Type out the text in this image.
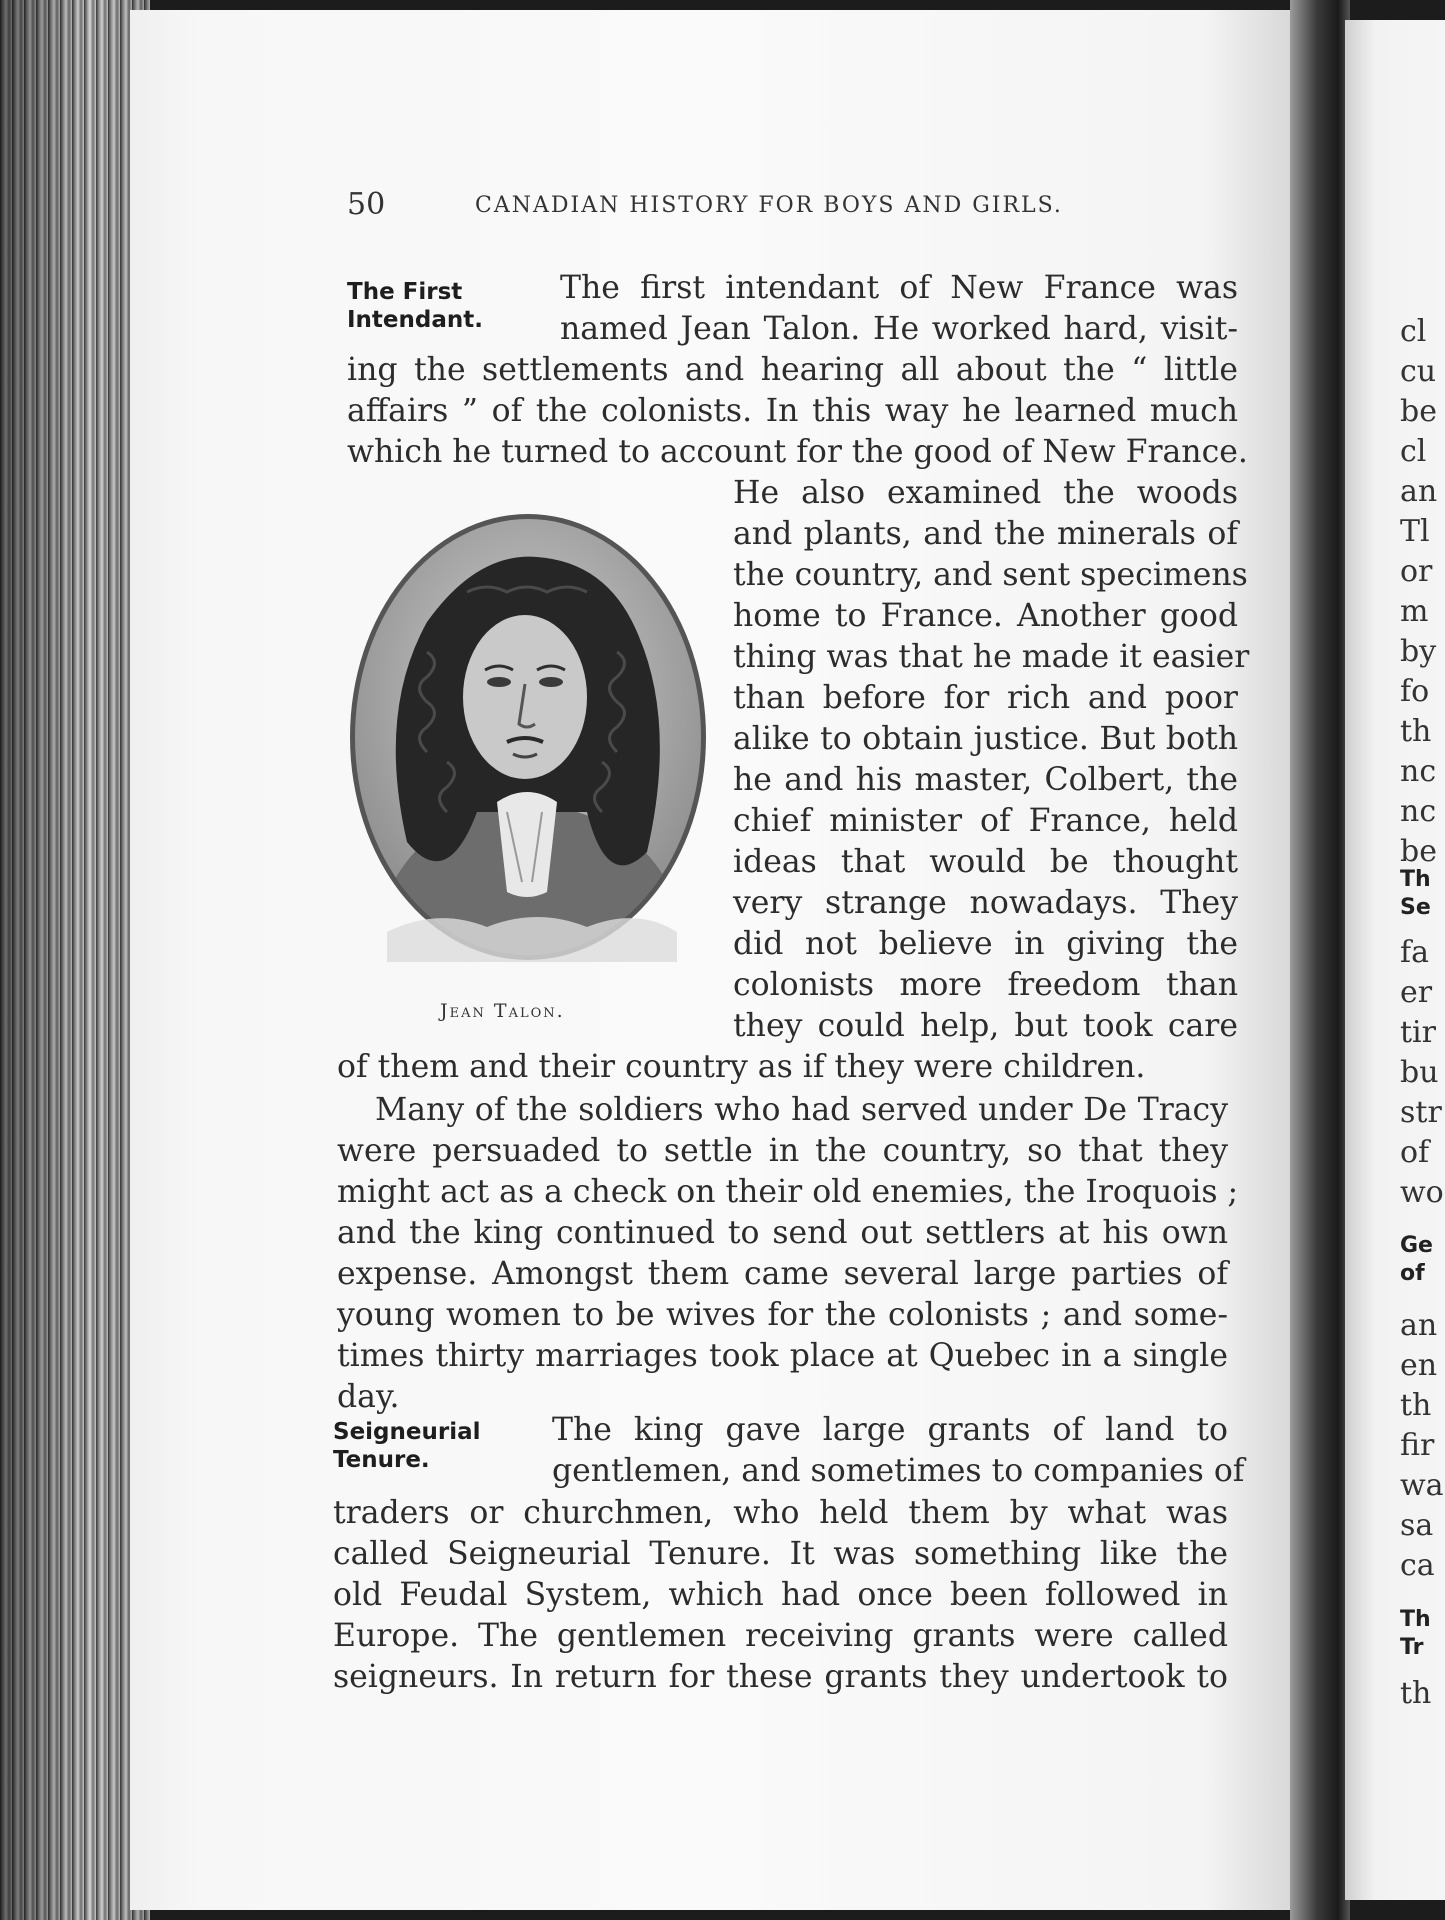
cl
cu
be
cl
an
Tl
or
m
by
fo
th
nc
nc
be
Th
Se
fa
er
tir
bu
str
of
wo
Ge
of
an
en
th
fir
wa
sa
ca
Th
Tr
th
50	CANADIAN HISTORY FOR BOYS AND GIRLS.
The First
Intendant.
The first intendant of New France was
named Jean Talon. He worked hard, visit-
ing the settlements and hearing all about the “ little
affairs ” of the colonists. In this way he learned much
which he turned to account for the good of New France.
He also examined the woods
and plants, and the minerals of
the country, and sent specimens
home to France. Another good
thing was that he made it easier
than before for rich and poor
alike to obtain justice. But both
he and his master, Colbert, the
chief minister of France, held
ideas that would be thought
very strange nowadays. They
did not believe in giving the
colonists more freedom than
they could help, but took care
of them and their country as if they were children.
Jean Talon.
Many of the soldiers who had served under De Tracy
were persuaded to settle in the country, so that they
might act as a check on their old enemies, the Iroquois ;
and the king continued to send out settlers at his own
expense. Amongst them came several large parties of
young women to be wives for the colonists ; and some-
times thirty marriages took place at Quebec in a single
day.
Seigneurial
Tenure.
The king gave large grants of land to
gentlemen, and sometimes to companies of
traders or churchmen, who held them by what was
called Seigneurial Tenure. It was something like the
old Feudal System, which had once been followed in
Europe. The gentlemen receiving grants were called
seigneurs. In return for these grants they undertook to
